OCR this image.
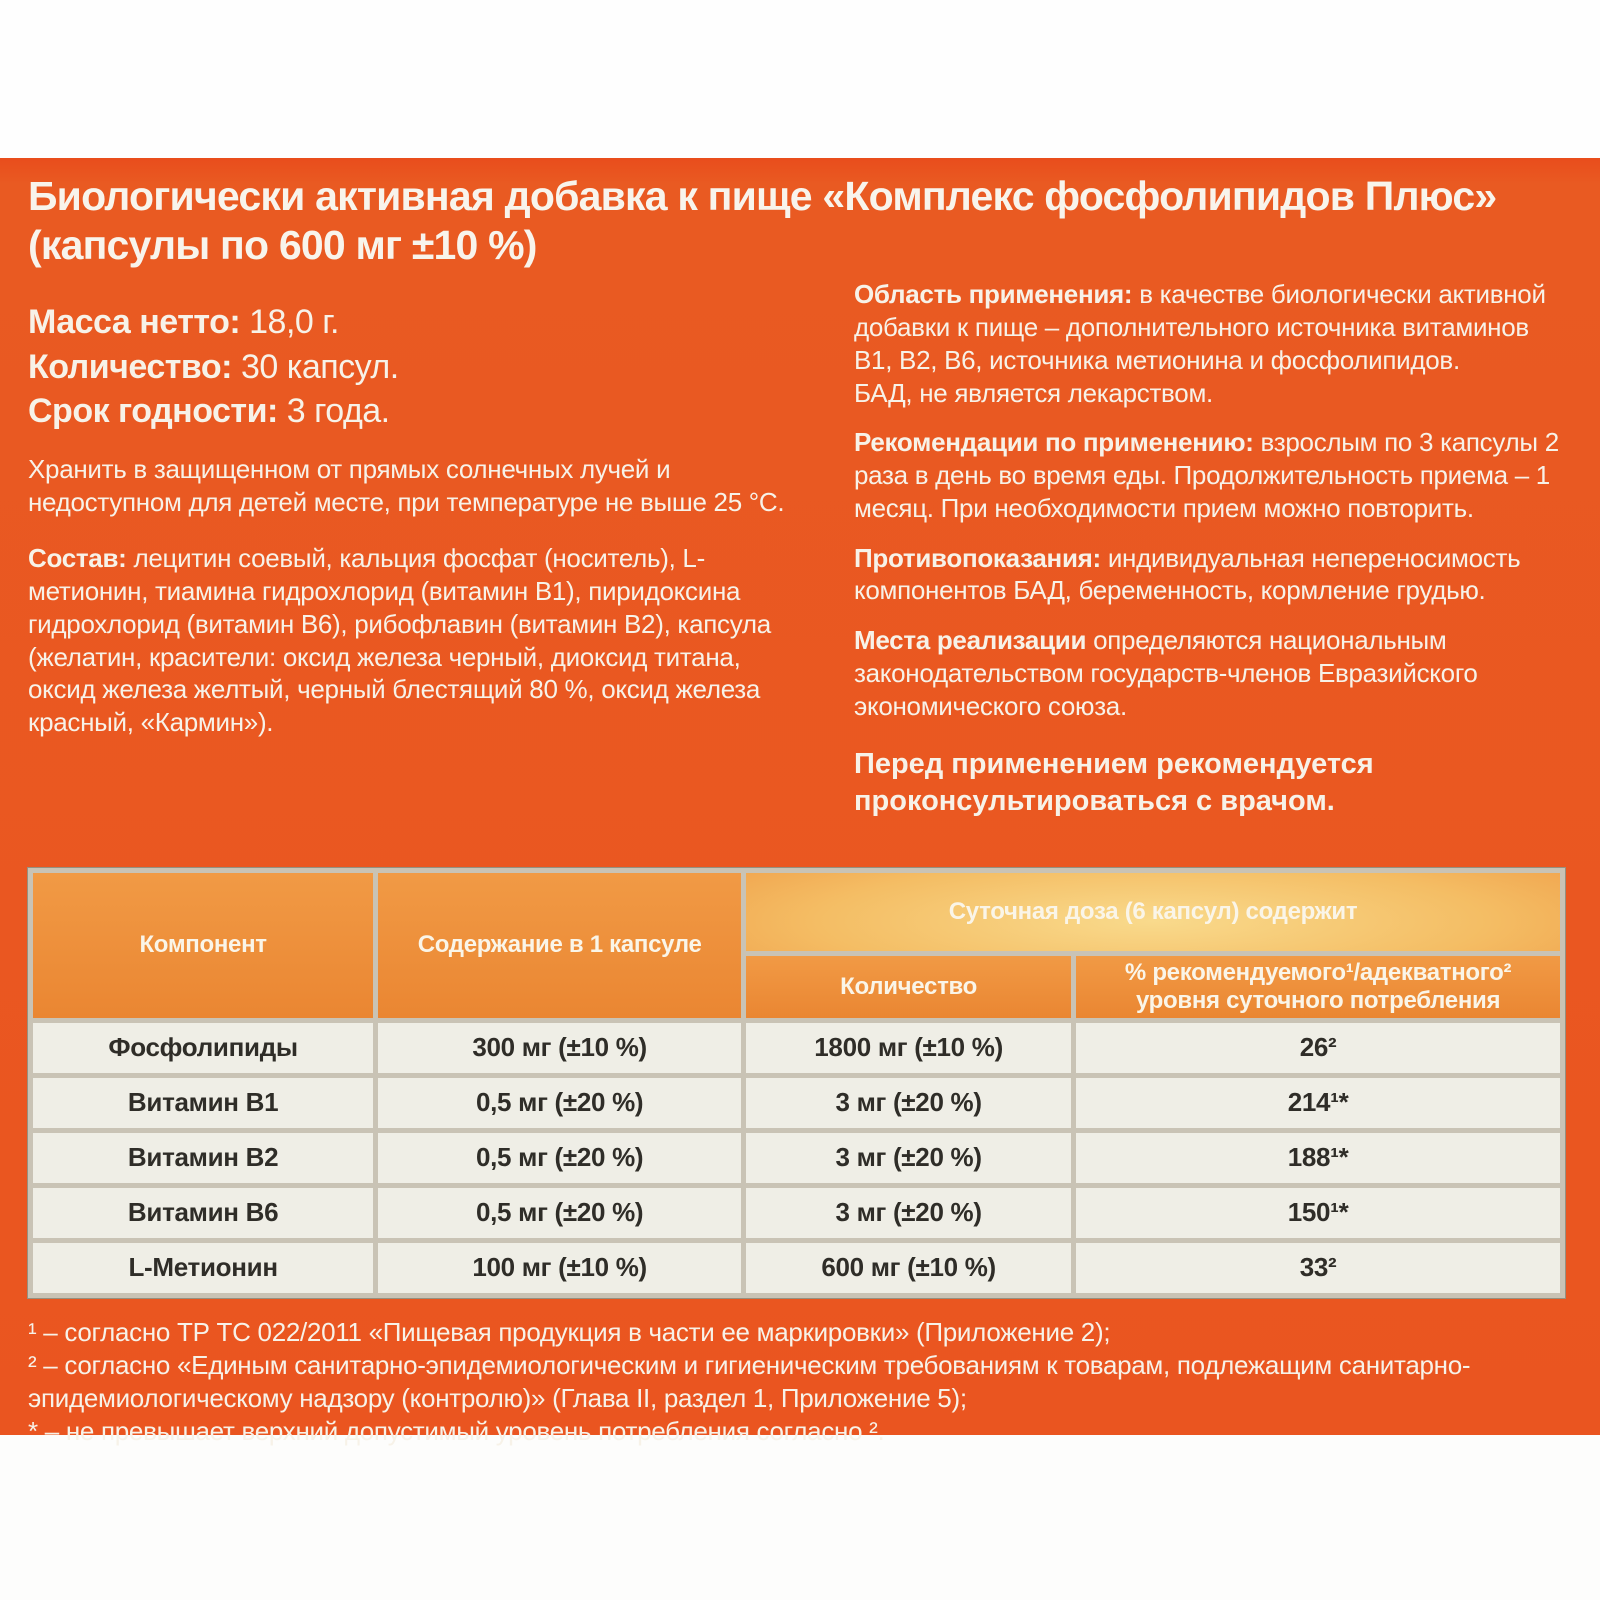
Биологически активная добавка к пище «Комплекс фосфолипидов Плюс»
(капсулы по 600 мг ±10 %)
Масса нетто: 18,0 г.
Количество: 30 капсул.
Срок годности: 3 года.

Хранить в защищенном от прямых солнечных лучей и недоступном для детей месте, при температуре не выше 25 °С.

Состав: лецитин соевый, кальция фосфат (носитель), L-метионин, тиамина гидрохлорид (витамин В1), пиридоксина гидрохлорид (витамин В6), рибофлавин (витамин В2), капсула (желатин, красители: оксид железа черный, диоксид титана, оксид железа желтый, черный блестящий 80 %, оксид железа красный, «Кармин»).

Область применения: в качестве биологически активной добавки к пище – дополнительного источника витаминов В1, В2, В6, источника метионина и фосфолипидов.
БАД, не является лекарством.

Рекомендации по применению: взрослым по 3 капсулы 2 раза в день во время еды. Продолжительность приема – 1 месяц. При необходимости прием можно повторить.

Противопоказания: индивидуальная непереносимость компонентов БАД, беременность, кормление грудью.

Места реализации определяются национальным законодательством государств-членов Евразийского экономического союза.

Перед применением рекомендуется проконсультироваться с врачом.

Компонент	Содержание в 1 капсуле	Суточная доза (6 капсул) содержит	
		Количество	% рекомендуемого¹/адекватного² уровня суточного потребления
Фосфолипиды	300 мг (±10 %)	1800 мг (±10 %)	26²
Витамин В1	0,5 мг (±20 %)	3 мг (±20 %)	214¹*
Витамин В2	0,5 мг (±20 %)	3 мг (±20 %)	188¹*
Витамин В6	0,5 мг (±20 %)	3 мг (±20 %)	150¹*
L-Метионин	100 мг (±10 %)	600 мг (±10 %)	33²

¹ – согласно ТР ТС 022/2011 «Пищевая продукция в части ее маркировки» (Приложение 2);

² – согласно «Единым санитарно-эпидемиологическим и гигиеническим требованиям к товарам, подлежащим санитарно-эпидемиологическому надзору (контролю)» (Глава II, раздел 1, Приложение 5);

* – не превышает верхний допустимый уровень потребления согласно ².
